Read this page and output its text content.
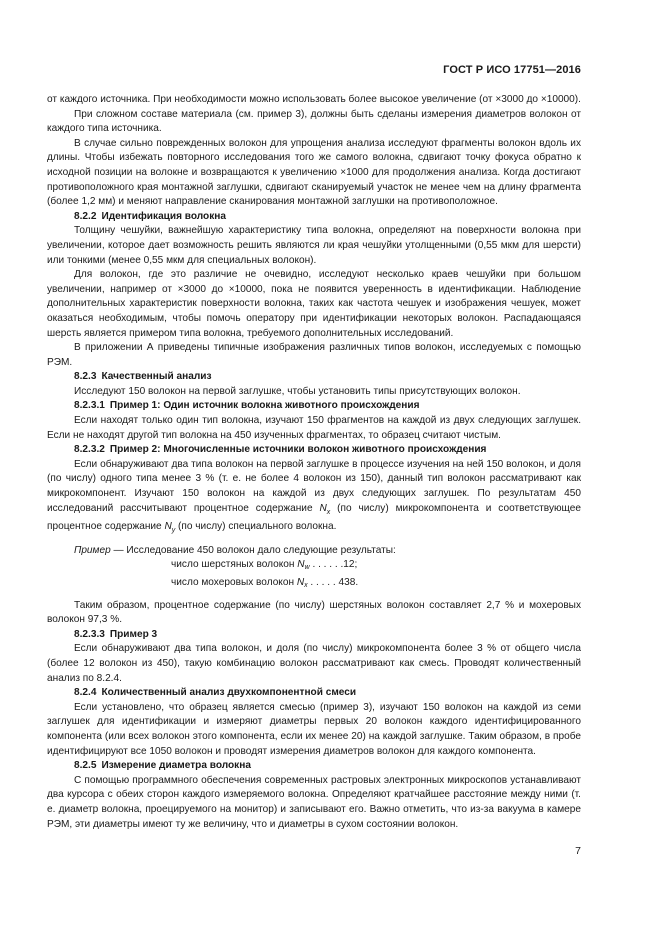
ГОСТ Р ИСО 17751—2016

от каждого источника. При необходимости можно использовать более высокое увеличение (от ×3000 до ×10000).

При сложном составе материала (см. пример 3), должны быть сделаны измерения диаметров волокон от каждого типа источника.

В случае сильно поврежденных волокон для упрощения анализа исследуют фрагменты волокон вдоль их длины. Чтобы избежать повторного исследования того же самого волокна, сдвигают точку фокуса обратно к исходной позиции на волокне и возвращаются к увеличению ×1000 для продолжения анализа. Когда достигают противоположного края монтажной заглушки, сдвигают сканируемый участок не менее чем на длину фрагмента (более 1,2 мм) и меняют направление сканирования монтажной заглушки на противоположное.

8.2.2 Идентификация волокна

Толщину чешуйки, важнейшую характеристику типа волокна, определяют на поверхности волокна при увеличении, которое дает возможность решить являются ли края чешуйки утолщенными (0,55 мкм для шерсти) или тонкими (менее 0,55 мкм для специальных волокон).

Для волокон, где это различие не очевидно, исследуют несколько краев чешуйки при большом увеличении, например от ×3000 до ×10000, пока не появится уверенность в идентификации. Наблюдение дополнительных характеристик поверхности волокна, таких как частота чешуек и изображения чешуек, может оказаться необходимым, чтобы помочь оператору при идентификации некоторых волокон. Распадающаяся шерсть является примером типа волокна, требуемого дополнительных исследований.

В приложении А приведены типичные изображения различных типов волокон, исследуемых с помощью РЭМ.

8.2.3 Качественный анализ

Исследуют 150 волокон на первой заглушке, чтобы установить типы присутствующих волокон.

8.2.3.1 Пример 1: Один источник волокна животного происхождения

Если находят только один тип волокна, изучают 150 фрагментов на каждой из двух следующих заглушек. Если не находят другой тип волокна на 450 изученных фрагментах, то образец считают чистым.

8.2.3.2 Пример 2: Многочисленные источники волокон животного происхождения

Если обнаруживают два типа волокон на первой заглушке в процессе изучения на ней 150 волокон, и доля (по числу) одного типа менее 3 % (т. е. не более 4 волокон из 150), данный тип волокон рассматривают как микрокомпонент. Изучают 150 волокон на каждой из двух следующих заглушек. По результатам 450 исследований рассчитывают процентное содержание $N_x$ (по числу) микрокомпонента и соответствующее процентное содержание $N_y$ (по числу) специального волокна.

Пример — Исследование 450 волокон дало следующие результаты:
число шерстяных волокон $N_w$ . . . . . .12;
число мохеровых волокон $N_x$ . . . . . 438.

Таким образом, процентное содержание (по числу) шерстяных волокон составляет 2,7 % и мохеровых волокон 97,3 %.

8.2.3.3 Пример 3

Если обнаруживают два типа волокон, и доля (по числу) микрокомпонента более 3 % от общего числа (более 12 волокон из 450), такую комбинацию волокон рассматривают как смесь. Проводят количественный анализ по 8.2.4.

8.2.4 Количественный анализ двухкомпонентной смеси

Если установлено, что образец является смесью (пример 3), изучают 150 волокон на каждой из семи заглушек для идентификации и измеряют диаметры первых 20 волокон каждого идентифицированного компонента (или всех волокон этого компонента, если их менее 20) на каждой заглушке. Таким образом, в пробе идентифицируют все 1050 волокон и проводят измерения диаметров волокон для каждого компонента.

8.2.5 Измерение диаметра волокна

С помощью программного обеспечения современных растровых электронных микроскопов устанавливают два курсора с обеих сторон каждого измеряемого волокна. Определяют кратчайшее расстояние между ними (т. е. диаметр волокна, проецируемого на монитор) и записывают его. Важно отметить, что из-за вакуума в камере РЭМ, эти диаметры имеют ту же величину, что и диаметры в сухом состоянии волокон.

7
